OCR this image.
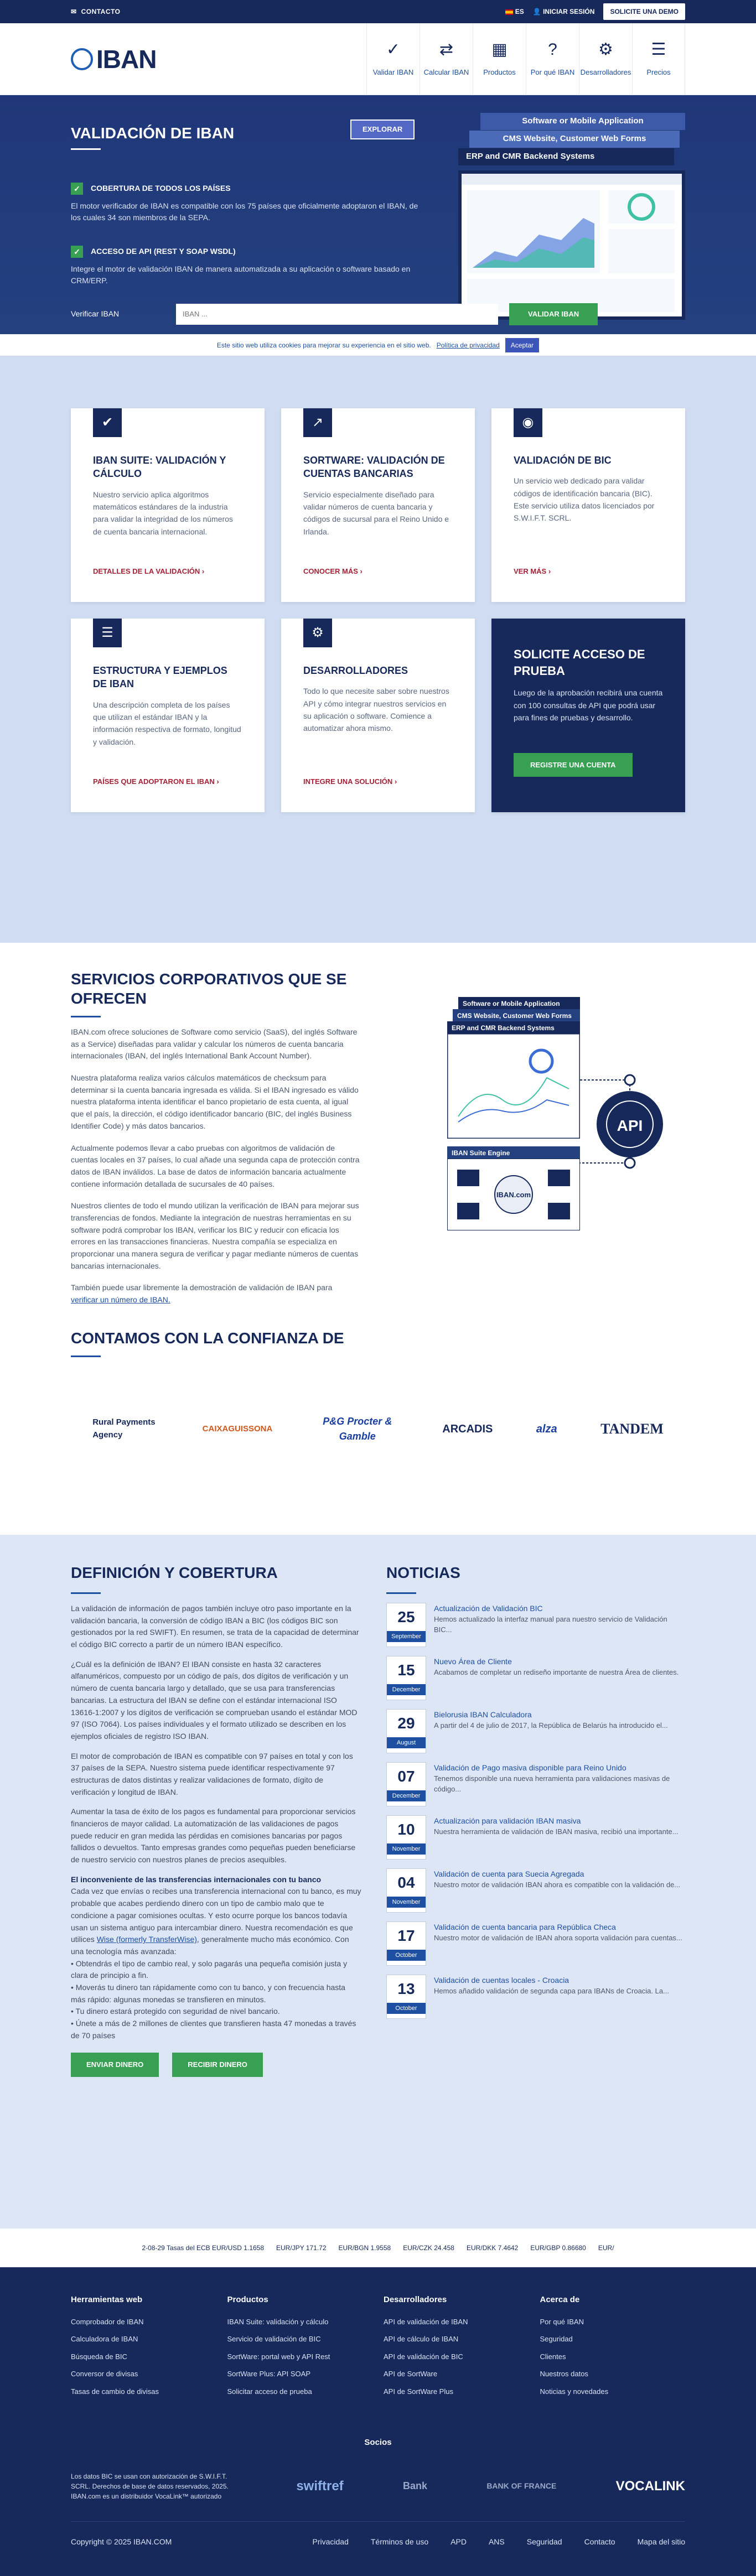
✉ CONTACTO	ES 👤 INICIAR SESIÓN	SOLICITE UNA DEMO
IBAN	✓
Validar IBAN
⇄
Calcular IBAN
▦
Productos
?
Por qué IBAN
⚙
Desarrolladores
☰
Precios
VALIDACIÓN DE IBAN	EXPLORAR
✓	COBERTURA DE TODOS LOS PAÍSES

El motor verificador de IBAN es compatible con los 75 países que oficialmente adoptaron el IBAN, de los cuales 34 son miembros de la SEPA.

✓	ACCESO DE API (REST Y SOAP WSDL)

Integre el motor de validación IBAN de manera automatizada a su aplicación o software basado en CRM/ERP.

Software or Mobile Application
CMS Website, Customer Web Forms
ERP and CMR Backend Systems
Verificar IBAN
IBAN ...	VALIDAR IBAN
Este sitio web utiliza cookies para mejorar su experiencia en el sitio web. Política de privacidad	Aceptar
✔
IBAN SUITE: VALIDACIÓN Y CÁLCULO

Nuestro servicio aplica algoritmos matemáticos estándares de la industria para validar la integridad de los números de cuenta bancaria internacional.

DETALLES DE LA VALIDACIÓN ›
↗
SORTWARE: VALIDACIÓN DE CUENTAS BANCARIAS

Servicio especialmente diseñado para validar números de cuenta bancaria y códigos de sucursal para el Reino Unido e Irlanda.

CONOCER MÁS ›
◉
VALIDACIÓN DE BIC

Un servicio web dedicado para validar códigos de identificación bancaria (BIC). Este servicio utiliza datos licenciados por S.W.I.F.T. SCRL.

VER MÁS ›
☰
ESTRUCTURA Y EJEMPLOS DE IBAN

Una descripción completa de los países que utilizan el estándar IBAN y la información respectiva de formato, longitud y validación.

PAÍSES QUE ADOPTARON EL IBAN ›
⚙
DESARROLLADORES

Todo lo que necesite saber sobre nuestros API y cómo integrar nuestros servicios en su aplicación o software. Comience a automatizar ahora mismo.

INTEGRE UNA SOLUCIÓN ›
SOLICITE ACCESO DE PRUEBA

Luego de la aprobación recibirá una cuenta con 100 consultas de API que podrá usar para fines de pruebas y desarrollo.

REGISTRE UNA CUENTA
SERVICIOS CORPORATIVOS QUE SE OFRECEN

IBAN.com ofrece soluciones de Software como servicio (SaaS), del inglés Software as a Service) diseñadas para validar y calcular los números de cuenta bancaria internacionales (IBAN, del inglés International Bank Account Number).

Nuestra plataforma realiza varios cálculos matemáticos de checksum para determinar si la cuenta bancaria ingresada es válida. Si el IBAN ingresado es válido nuestra plataforma intenta identificar el banco propietario de esta cuenta, al igual que el país, la dirección, el código identificador bancario (BIC, del inglés Business Identifier Code) y más datos bancarios.

Actualmente podemos llevar a cabo pruebas con algoritmos de validación de cuentas locales en 37 países, lo cual añade una segunda capa de protección contra datos de IBAN inválidos. La base de datos de información bancaria actualmente contiene información detallada de sucursales de 40 países.

Nuestros clientes de todo el mundo utilizan la verificación de IBAN para mejorar sus transferencias de fondos. Mediante la integración de nuestras herramientas en su software podrá comprobar los IBAN, verificar los BIC y reducir con eficacia los errores en las transacciones financieras. Nuestra compañía se especializa en proporcionar una manera segura de verificar y pagar mediante números de cuentas bancarias internacionales.

También puede usar libremente la demostración de validación de IBAN para verificar un número de IBAN.

Software or Mobile Application
CMS Website, Customer Web Forms
ERP and CMR Backend Systems
IBAN Suite Engine
IBAN.com
API
CONTAMOS CON LA CONFIANZA DE
Rural Payments Agency
CAIXAGUISSONA
P&G Procter & Gamble
ARCADIS	alza	TANDEM
DEFINICIÓN Y COBERTURA

La validación de información de pagos también incluye otro paso importante en la validación bancaria, la conversión de código IBAN a BIC (los códigos BIC son gestionados por la red SWIFT). En resumen, se trata de la capacidad de determinar el código BIC correcto a partir de un número IBAN específico.

¿Cuál es la definición de IBAN? El IBAN consiste en hasta 32 caracteres alfanuméricos, compuesto por un código de país, dos dígitos de verificación y un número de cuenta bancaria largo y detallado, que se usa para transferencias bancarias. La estructura del IBAN se define con el estándar internacional ISO 13616-1:2007 y los dígitos de verificación se comprueban usando el estándar MOD 97 (ISO 7064). Los países individuales y el formato utilizado se describen en los ejemplos oficiales de registro ISO IBAN.

El motor de comprobación de IBAN es compatible con 97 países en total y con los 37 países de la SEPA. Nuestro sistema puede identificar respectivamente 97 estructuras de datos distintas y realizar validaciones de formato, dígito de verificación y longitud de IBAN.

Aumentar la tasa de éxito de los pagos es fundamental para proporcionar servicios financieros de mayor calidad. La automatización de las validaciones de pagos puede reducir en gran medida las pérdidas en comisiones bancarias por pagos fallidos o devueltos. Tanto empresas grandes como pequeñas pueden beneficiarse de nuestro servicio con nuestros planes de precios asequibles.

El inconveniente de las transferencias internacionales con tu banco

Cada vez que envías o recibes una transferencia internacional con tu banco, es muy probable que acabes perdiendo dinero con un tipo de cambio malo que te condicione a pagar comisiones ocultas. Y esto ocurre porque los bancos todavía usan un sistema antiguo para intercambiar dinero. Nuestra recomendación es que utilices Wise (formerly TransferWise), generalmente mucho más económico. Con una tecnología más avanzada:

• Obtendrás el tipo de cambio real, y solo pagarás una pequeña comisión justa y clara de principio a fin.

• Moverás tu dinero tan rápidamente como con tu banco, y con frecuencia hasta más rápido: algunas monedas se transfieren en minutos.

• Tu dinero estará protegido con seguridad de nivel bancario.

• Únete a más de 2 millones de clientes que transfieren hasta 47 monedas a través de 70 países

ENVIAR DINERO	RECIBIR DINERO
NOTICIAS
25
September
Actualización de Validación BIC

Hemos actualizado la interfaz manual para nuestro servicio de Validación BIC...

15
December
Nuevo Área de Cliente

Acabamos de completar un rediseño importante de nuestra Área de clientes.

29
August
Bielorusia IBAN Calculadora

A partir del 4 de julio de 2017, la República de Belarús ha introducido el...

07
December
Validación de Pago masiva disponible para Reino Unido

Tenemos disponible una nueva herramienta para validaciones masivas de código...

10
November
Actualización para validación IBAN masiva

Nuestra herramienta de validación de IBAN masiva, recibió una importante...

04
November
Validación de cuenta para Suecia Agregada

Nuestro motor de validación IBAN ahora es compatible con la validación de...

17
October
Validación de cuenta bancaria para República Checa

Nuestro motor de validación de IBAN ahora soporta validación para cuentas...

13
October
Validación de cuentas locales - Croacia

Hemos añadido validación de segunda capa para IBANs de Croacia. La...

2-08-29 Tasas del ECB EUR/USD 1.1658 EUR/JPY 171.72 EUR/BGN 1.9558 EUR/CZK 24.458 EUR/DKK 7.4642 EUR/GBP 0.86680 EUR/
Herramientas web
Comprobador de IBAN
Calculadora de IBAN
Búsqueda de BIC
Conversor de divisas
Tasas de cambio de divisas
Productos
IBAN Suite: validación y cálculo
Servicio de validación de BIC
SortWare: portal web y API Rest
SortWare Plus: API SOAP
Solicitar acceso de prueba
Desarrolladores
API de validación de IBAN
API de cálculo de IBAN
API de validación de BIC
API de SortWare
API de SortWare Plus
Acerca de
Por qué IBAN
Seguridad
Clientes
Nuestros datos
Noticias y novedades
Socios

Los datos BIC se usan con autorización de S.W.I.F.T. SCRL. Derechos de base de datos reservados, 2025. IBAN.com es un distribuidor VocaLink™ autorizado

swiftref	Bank	BANK OF FRANCE	VOCALINK
Copyright © 2025 IBAN.COM	Privacidad	Términos de uso	APD	ANS	Seguridad	Contacto	Mapa del sitio
